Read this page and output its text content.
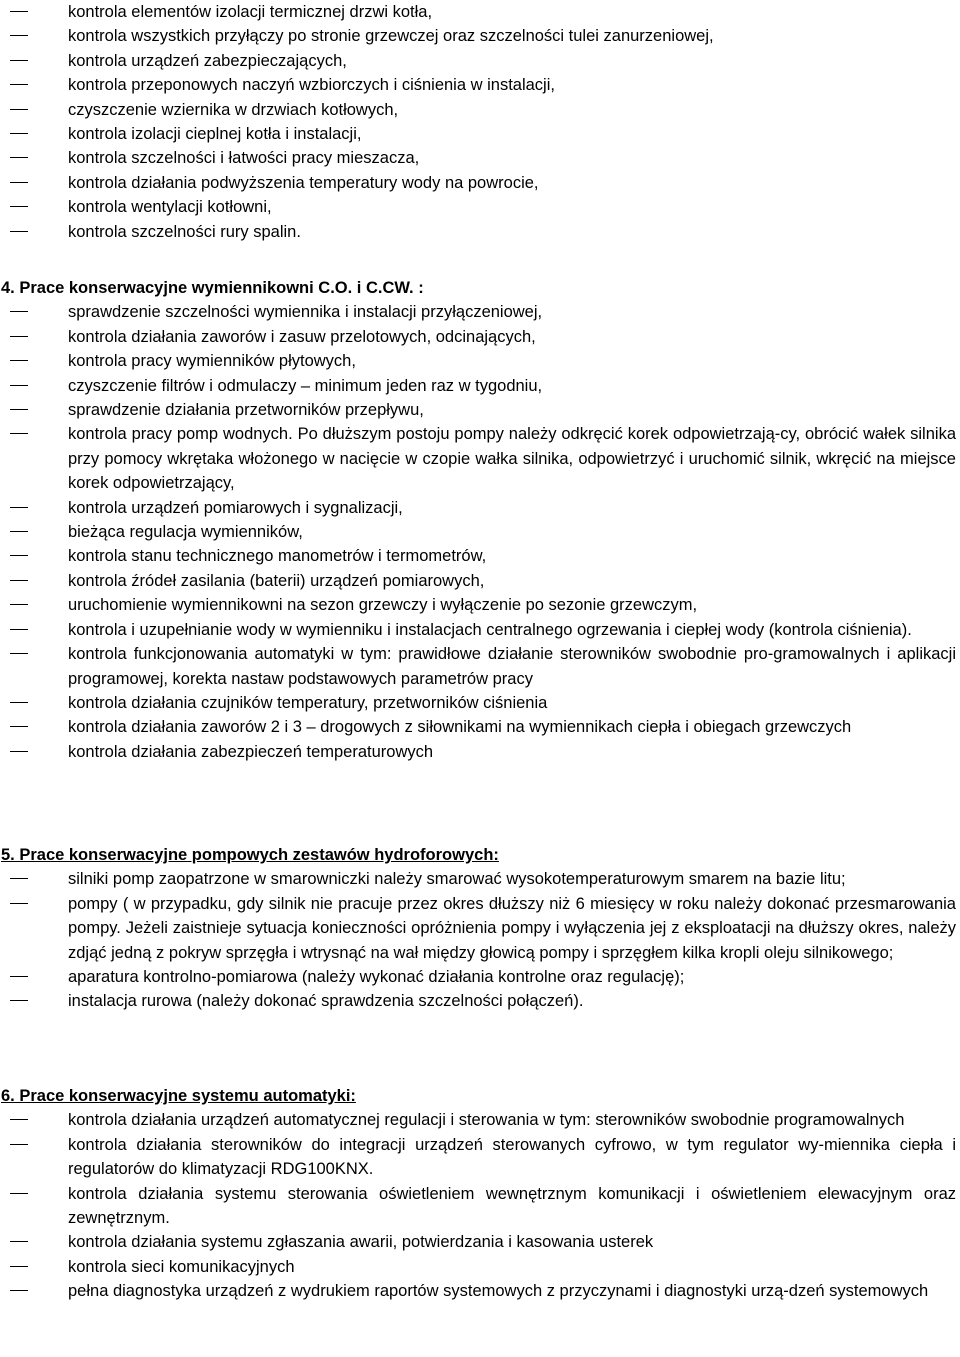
kontrola elementów izolacji termicznej drzwi kotła,
kontrola wszystkich przyłączy po stronie grzewczej oraz szczelności tulei zanurzeniowej,
kontrola urządzeń zabezpieczających,
kontrola przeponowych naczyń wzbiorczych i ciśnienia w instalacji,
czyszczenie wziernika w drzwiach kotłowych,
kontrola izolacji cieplnej kotła i instalacji,
kontrola szczelności i łatwości pracy mieszacza,
kontrola działania podwyższenia temperatury wody na powrocie,
kontrola wentylacji kotłowni,
kontrola szczelności rury spalin.
4. Prace konserwacyjne wymiennikowni C.O. i C.CW. :
sprawdzenie szczelności wymiennika i instalacji przyłączeniowej,
kontrola działania zaworów i zasuw przelotowych, odcinających,
kontrola pracy wymienników płytowych,
czyszczenie filtrów i odmulaczy – minimum jeden raz w tygodniu,
sprawdzenie działania przetworników przepływu,
kontrola pracy pomp wodnych. Po dłuższym postoju pompy należy odkręcić korek odpowietrzają-cy, obrócić wałek silnika przy pomocy wkrętaka włożonego w nacięcie w czopie wałka silnika, odpowietrzyć i uruchomić silnik, wkręcić na miejsce korek odpowietrzający,
kontrola urządzeń pomiarowych i sygnalizacji,
bieżąca regulacja wymienników,
kontrola stanu technicznego manometrów i termometrów,
kontrola źródeł zasilania (baterii) urządzeń pomiarowych,
uruchomienie wymiennikowni na sezon grzewczy i wyłączenie po sezonie grzewczym,
kontrola i uzupełnianie wody w wymienniku i instalacjach centralnego ogrzewania i ciepłej wody (kontrola ciśnienia).
kontrola funkcjonowania automatyki w tym: prawidłowe działanie sterowników swobodnie pro-gramowalnych i aplikacji programowej, korekta nastaw podstawowych parametrów pracy
kontrola działania czujników temperatury, przetworników ciśnienia
kontrola działania zaworów 2 i 3 – drogowych z siłownikami na wymiennikach ciepła i obiegach grzewczych
kontrola działania zabezpieczeń temperaturowych
5. Prace konserwacyjne pompowych zestawów hydroforowych:
silniki pomp zaopatrzone w smarowniczki należy smarować wysokotemperaturowym smarem na bazie litu;
pompy ( w przypadku, gdy silnik nie pracuje przez okres dłuższy niż 6 miesięcy w roku należy dokonać przesmarowania pompy. Jeżeli zaistnieje sytuacja konieczności opróżnienia pompy i wyłączenia jej z eksploatacji na dłuższy okres, należy zdjąć jedną z pokryw sprzęgła i wtrysnąć na wał między głowicą pompy i sprzęgłem kilka kropli oleju silnikowego;
aparatura kontrolno-pomiarowa (należy wykonać działania kontrolne oraz regulację);
instalacja rurowa (należy dokonać sprawdzenia szczelności połączeń).
6. Prace konserwacyjne systemu automatyki:
kontrola działania urządzeń automatycznej regulacji i sterowania w tym: sterowników swobodnie programowalnych
kontrola działania sterowników do integracji urządzeń sterowanych cyfrowo, w tym regulator wy-miennika ciepła i regulatorów do klimatyzacji RDG100KNX.
kontrola działania systemu sterowania oświetleniem wewnętrznym komunikacji i oświetleniem elewacyjnym oraz zewnętrznym.
kontrola działania systemu zgłaszania awarii, potwierdzania i kasowania usterek
kontrola sieci komunikacyjnych
pełna diagnostyka urządzeń z wydrukiem raportów systemowych z przyczynami i diagnostyki urzą-dzeń systemowych
